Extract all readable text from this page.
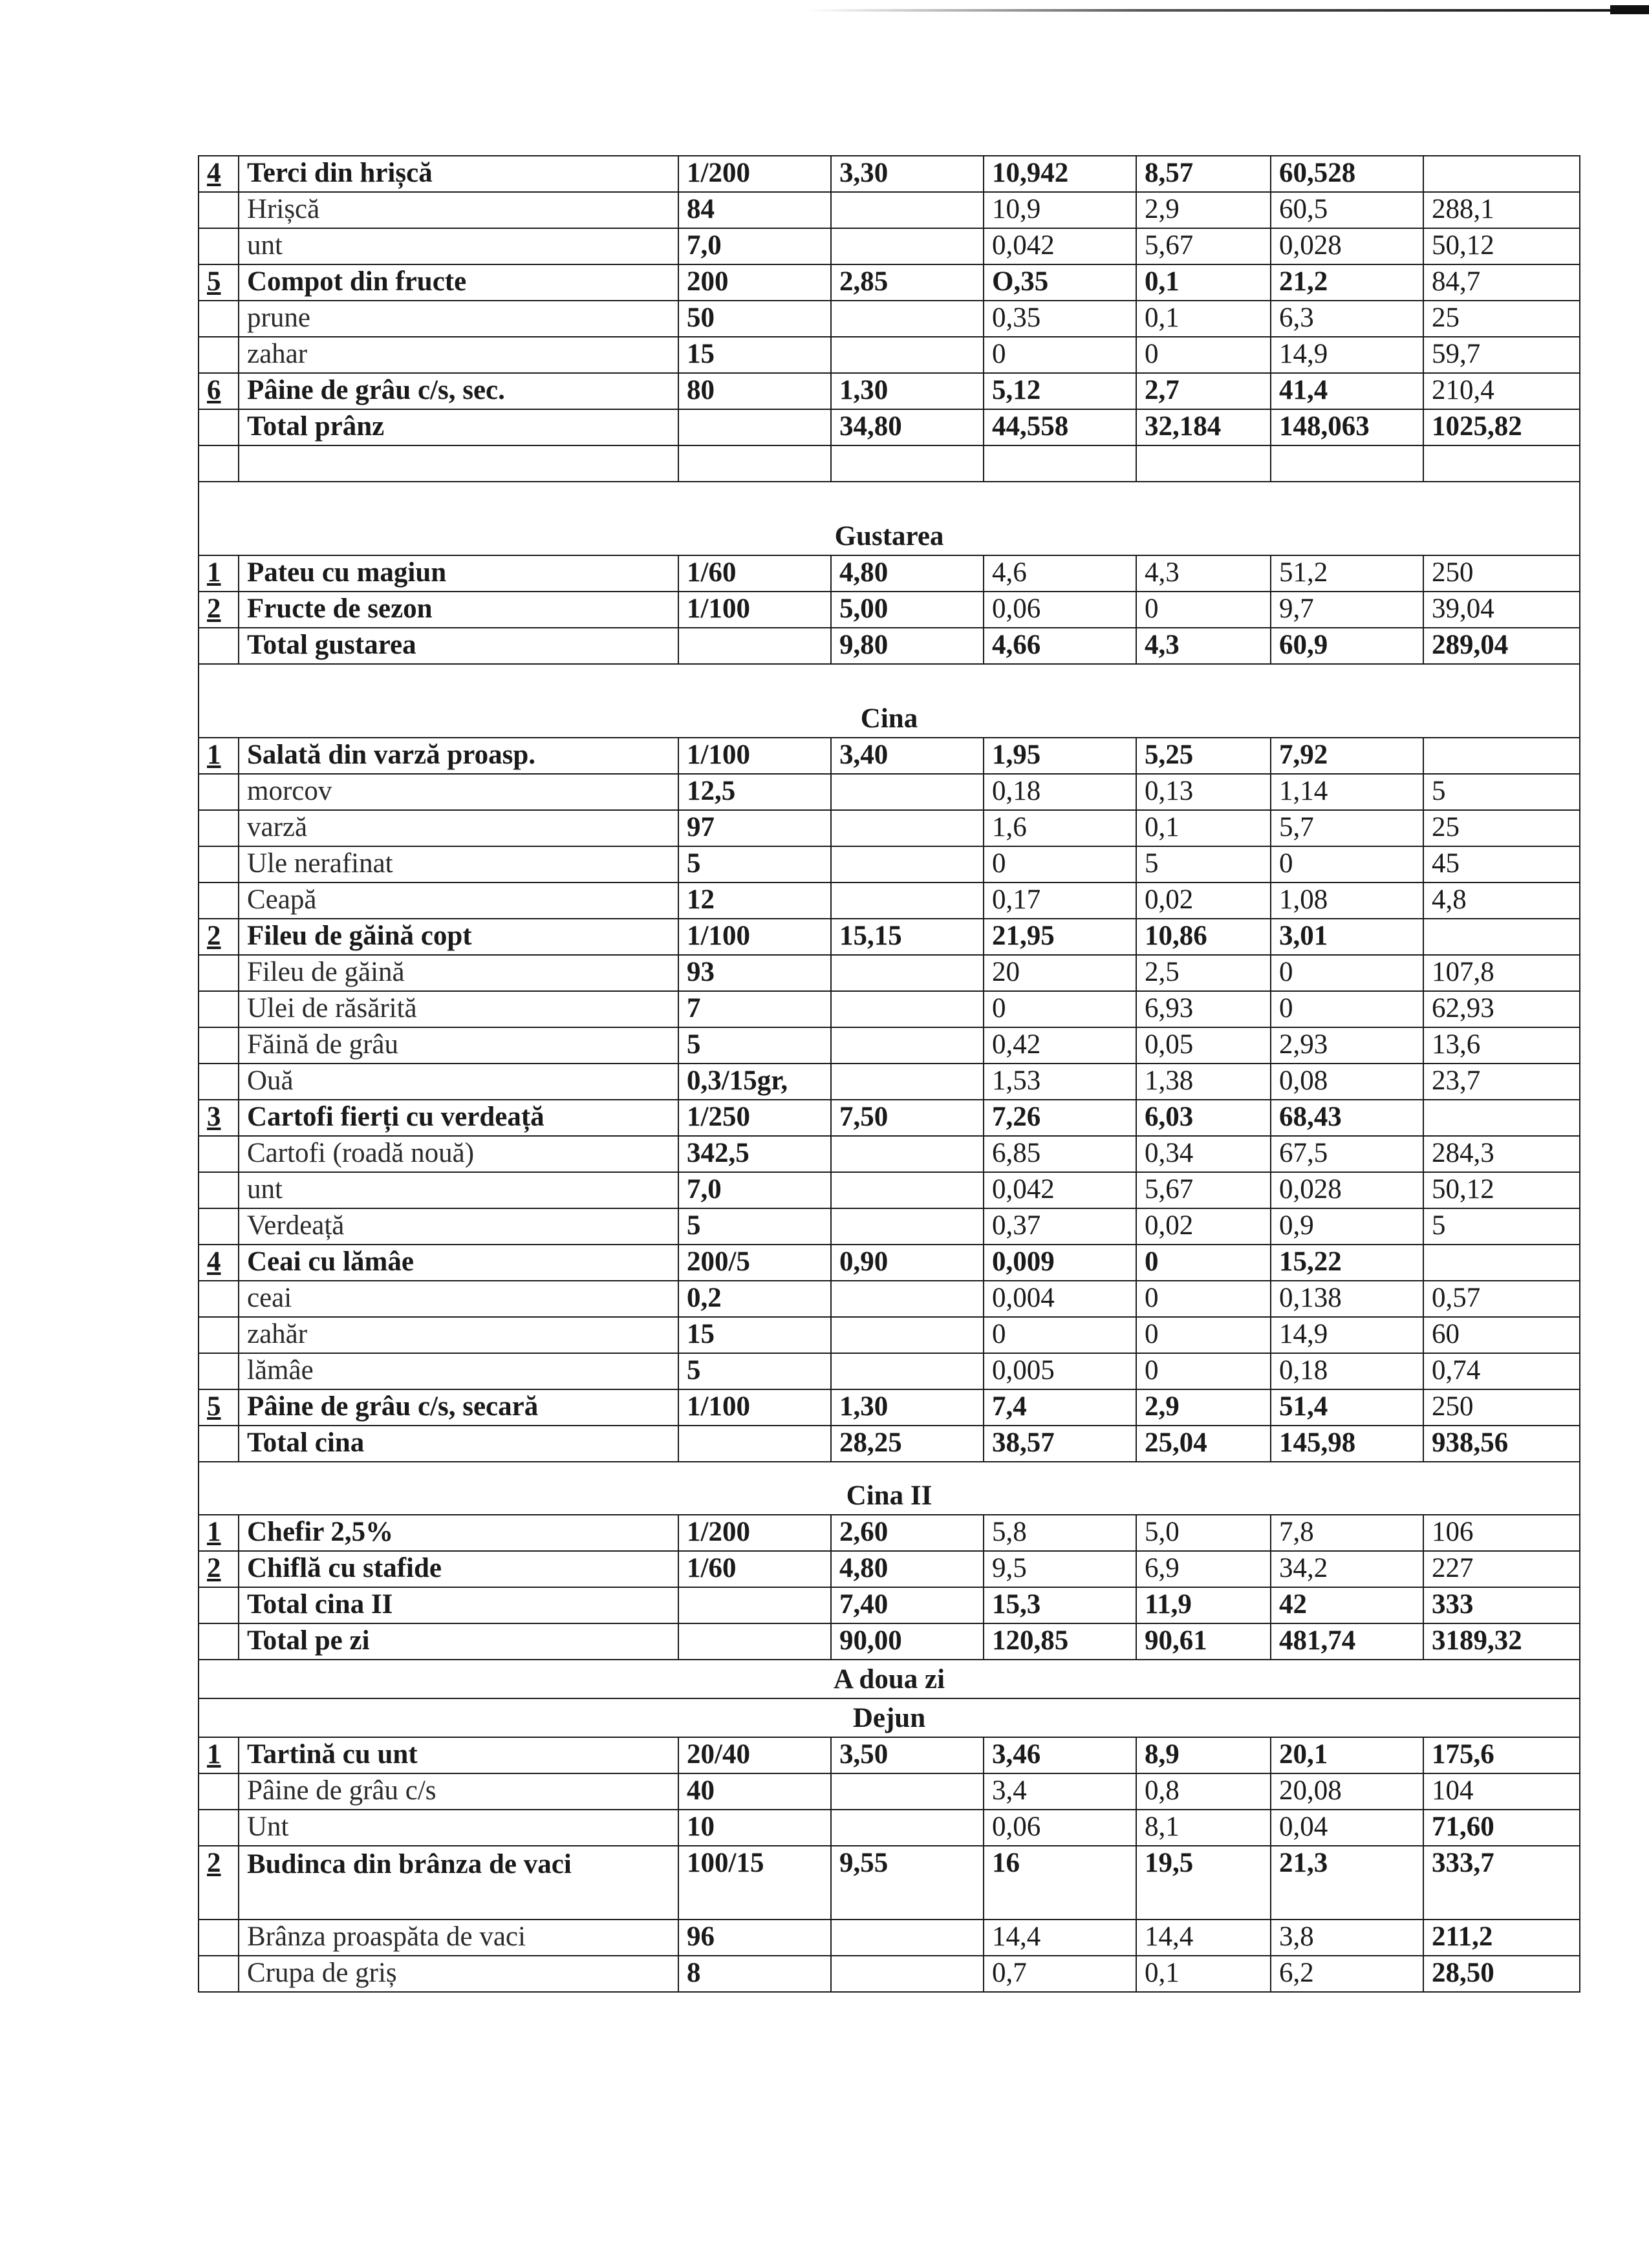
4	Terci din hrișcă	1/200	3,30	10,942	8,57	60,528	
	Hrișcă	84		10,9	2,9	60,5	288,1
	unt	7,0		0,042	5,67	0,028	50,12
5	Compot din fructe	200	2,85	O,35	0,1	21,2	84,7
	prune	50		0,35	0,1	6,3	25
	zahar	15		0	0	14,9	59,7
6	Pâine de grâu c/s, sec.	80	1,30	5,12	2,7	41,4	210,4
	Total prânz		34,80	44,558	32,184	148,063	1025,82

Gustarea							
1	Pateu cu magiun	1/60	4,80	4,6	4,3	51,2	250
2	Fructe de sezon	1/100	5,00	0,06	0	9,7	39,04
	Total gustarea		9,80	4,66	4,3	60,9	289,04
Cina							
1	Salată din varză proasp.	1/100	3,40	1,95	5,25	7,92	
	morcov	12,5		0,18	0,13	1,14	5
	varză	97		1,6	0,1	5,7	25
	Ule nerafinat	5		0	5	0	45
	Ceapă	12		0,17	0,02	1,08	4,8
2	Fileu de găină copt	1/100	15,15	21,95	10,86	3,01	
	Fileu de găină	93		20	2,5	0	107,8
	Ulei de răsărită	7		0	6,93	0	62,93
	Făină de grâu	5		0,42	0,05	2,93	13,6
	Ouă	0,3/15gr,		1,53	1,38	0,08	23,7
3	Cartofi fierți cu verdeață	1/250	7,50	7,26	6,03	68,43	
	Cartofi (roadă nouă)	342,5		6,85	0,34	67,5	284,3
	unt	7,0		0,042	5,67	0,028	50,12
	Verdeață	5		0,37	0,02	0,9	5
4	Ceai cu lămâe	200/5	0,90	0,009	0	15,22	
	ceai	0,2		0,004	0	0,138	0,57
	zahăr	15		0	0	14,9	60
	lămâe	5		0,005	0	0,18	0,74
5	Pâine de grâu c/s, secară	1/100	1,30	7,4	2,9	51,4	250
	Total cina		28,25	38,57	25,04	145,98	938,56
Cina II							
1	Chefir 2,5%	1/200	2,60	5,8	5,0	7,8	106
2	Chiflă cu stafide	1/60	4,80	9,5	6,9	34,2	227
	Total cina II		7,40	15,3	11,9	42	333
	Total pe zi		90,00	120,85	90,61	481,74	3189,32
A doua zi							
Dejun							
1	Tartină cu unt	20/40	3,50	3,46	8,9	20,1	175,6
	Pâine de grâu c/s	40		3,4	0,8	20,08	104
	Unt	10		0,06	8,1	0,04	71,60
2	Budinca din brânza de vaci	100/15	9,55	16	19,5	21,3	333,7
	Brânza proaspăta de vaci	96		14,4	14,4	3,8	211,2
	Crupa de griș	8		0,7	0,1	6,2	28,50
